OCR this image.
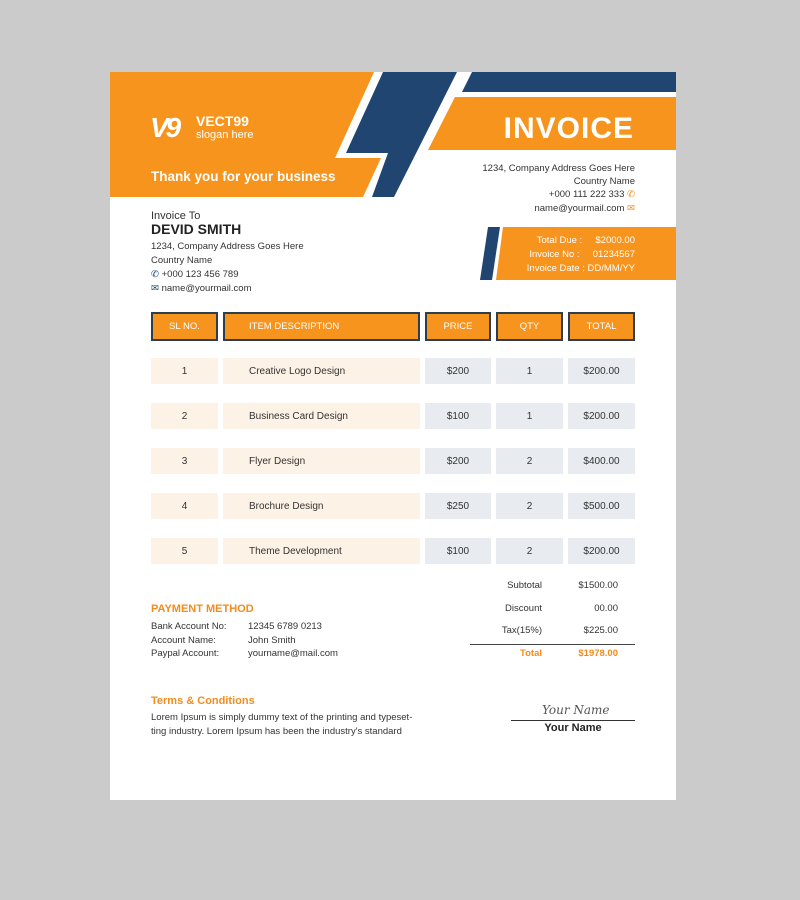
V9 VECT99
slogan here
Thank you for your business
INVOICE
1234, Company Address Goes Here
Country Name
+000 111 222 333 ✆
name@yourmail.com ✉
Invoice To
DEVID SMITH
1234, Company Address Goes Here
Country Name
✆ +000 123 456 789
✉ name@yourmail.com
Total Due : $2000.00
Invoice No : 01234567
Invoice Date : DD/MM/YY
SL NO.	ITEM DESCRIPTION	PRICE	QTY	TOTAL
1	Creative Logo Design	$200	1	$200.00
2	Business Card Design	$100	1	$200.00
3	Flyer Design	$200	2	$400.00
4	Brochure Design	$250	2	$500.00
5	Theme Development	$100	2	$200.00
Subtotal	$1500.00
Discount	00.00
Tax(15%)	$225.00
Total	$1978.00
PAYMENT METHOD
Bank Account No: 12345 6789 0213
Account Name:	John Smith
Paypal Account:	yourname@mail.com
Terms & Conditions
Lorem Ipsum is simply dummy text of the printing and typeset-
ting industry. Lorem Ipsum has been the industry's standard
Your Name
Your Name
